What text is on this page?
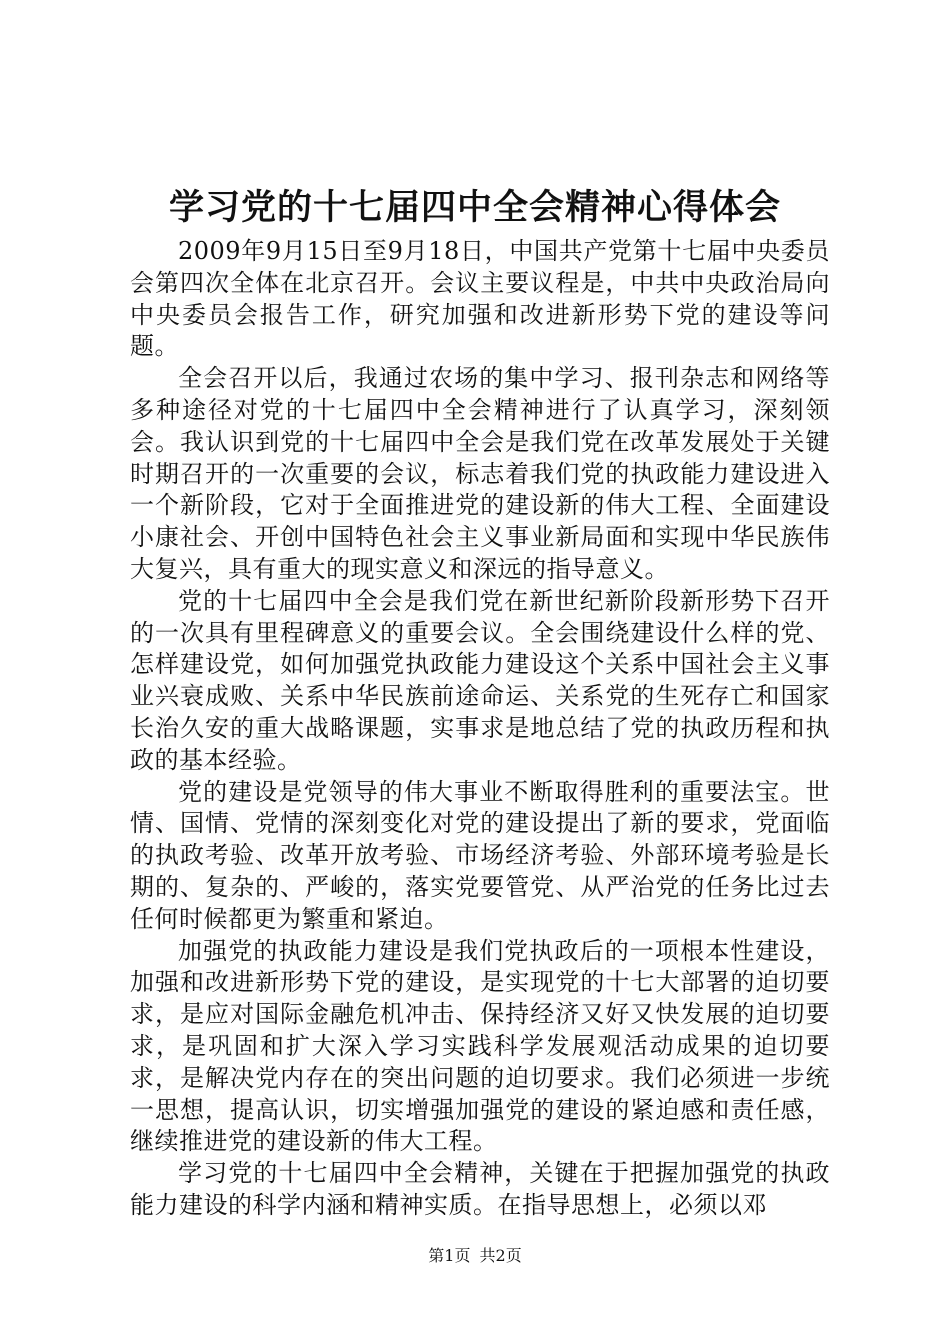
学习党的十七届四中全会精神心得体会

2009年9月15日至9月18日，中国共产党第十七届中央委员会第四次全体在北京召开。会议主要议程是，中共中央政治局向中央委员会报告工作，研究加强和改进新形势下党的建设等问题。

全会召开以后，我通过农场的集中学习、报刊杂志和网络等多种途径对党的十七届四中全会精神进行了认真学习，深刻领会。我认识到党的十七届四中全会是我们党在改革发展处于关键时期召开的一次重要的会议，标志着我们党的执政能力建设进入一个新阶段，它对于全面推进党的建设新的伟大工程、全面建设小康社会、开创中国特色社会主义事业新局面和实现中华民族伟大复兴，具有重大的现实意义和深远的指导意义。

党的十七届四中全会是我们党在新世纪新阶段新形势下召开的一次具有里程碑意义的重要会议。全会围绕建设什么样的党、怎样建设党，如何加强党执政能力建设这个关系中国社会主义事业兴衰成败、关系中华民族前途命运、关系党的生死存亡和国家长治久安的重大战略课题，实事求是地总结了党的执政历程和执政的基本经验。

党的建设是党领导的伟大事业不断取得胜利的重要法宝。世情、国情、党情的深刻变化对党的建设提出了新的要求，党面临的执政考验、改革开放考验、市场经济考验、外部环境考验是长期的、复杂的、严峻的，落实党要管党、从严治党的任务比过去任何时候都更为繁重和紧迫。

加强党的执政能力建设是我们党执政后的一项根本性建设，加强和改进新形势下党的建设，是实现党的十七大部署的迫切要求，是应对国际金融危机冲击、保持经济又好又快发展的迫切要求，是巩固和扩大深入学习实践科学发展观活动成果的迫切要求，是解决党内存在的突出问题的迫切要求。我们必须进一步统一思想，提高认识，切实增强加强党的建设的紧迫感和责任感，继续推进党的建设新的伟大工程。

学习党的十七届四中全会精神，关键在于把握加强党的执政能力建设的科学内涵和精神实质。在指导思想上，必须以邓

第1页 共2页
